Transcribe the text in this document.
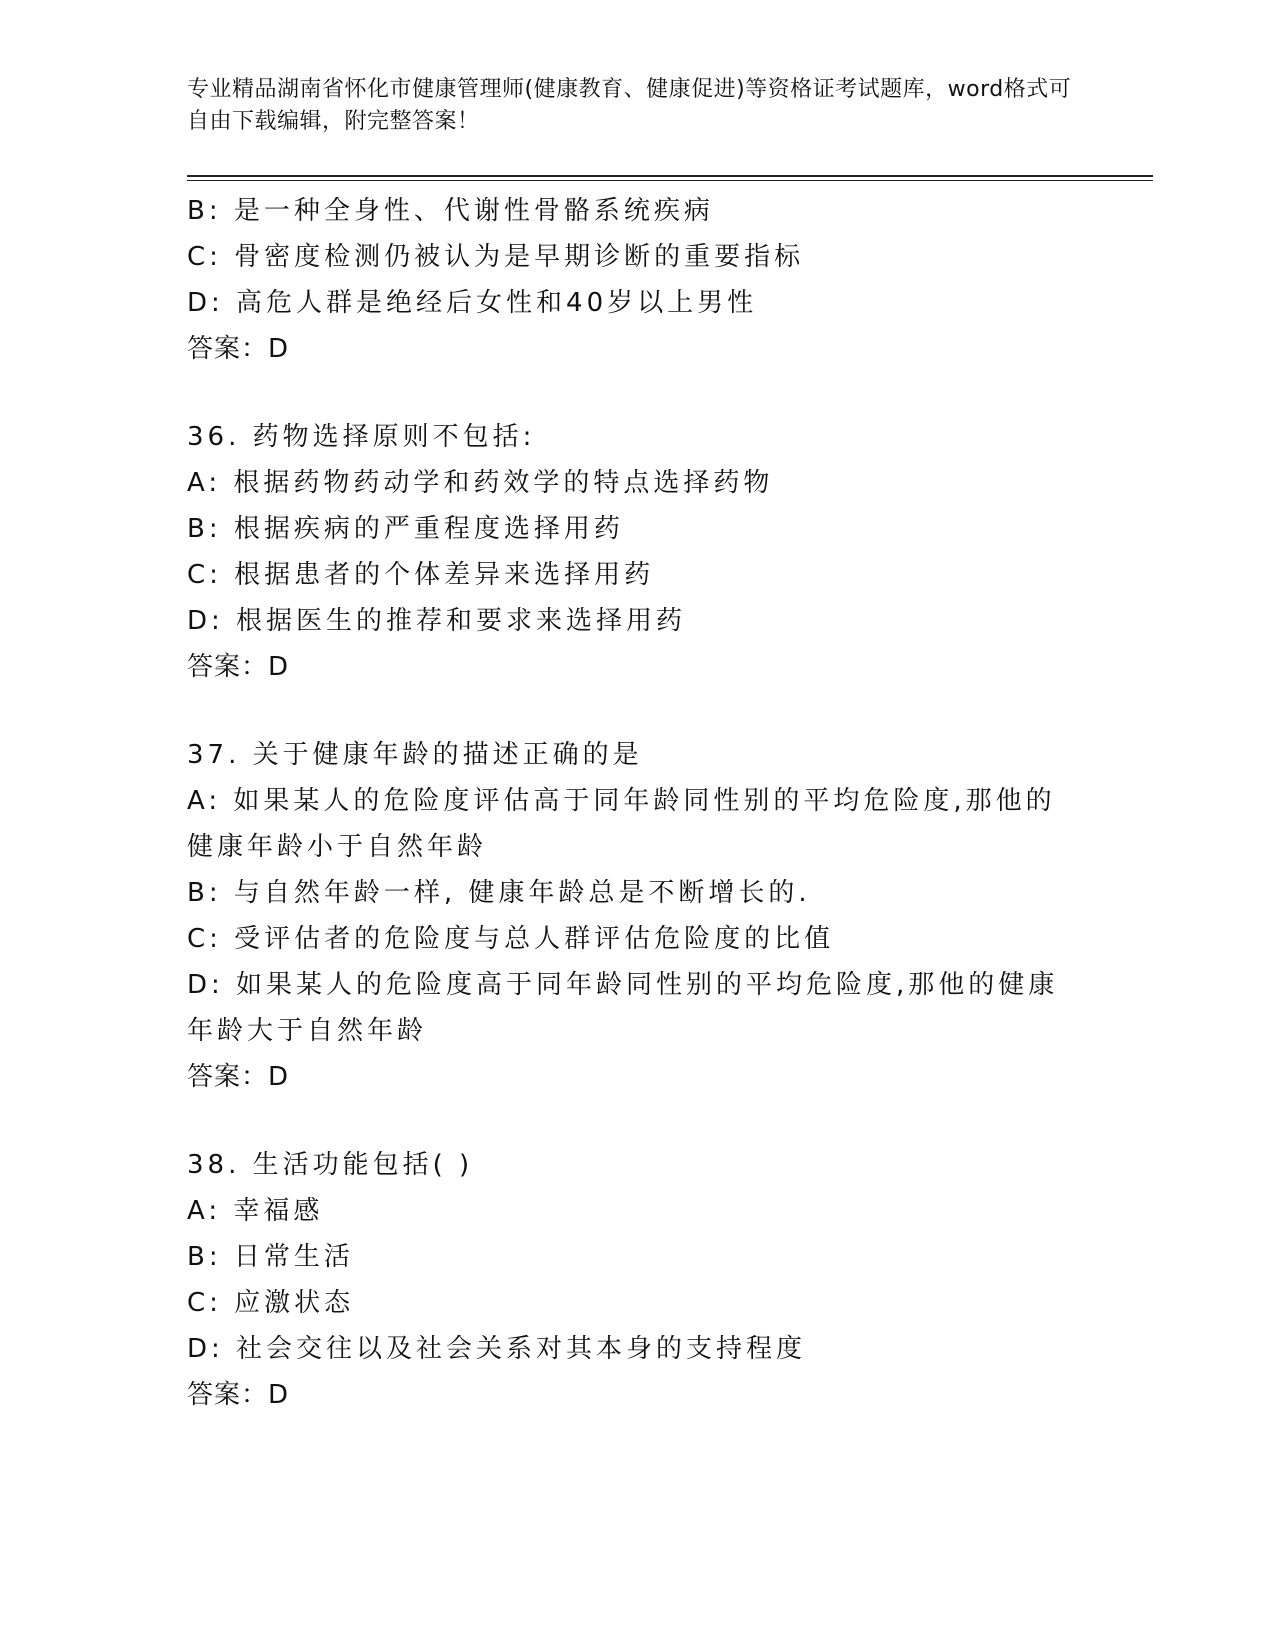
专业精品湖南省怀化市健康管理师(健康教育、健康促进)等资格证考试题库，word格式可自由下载编辑，附完整答案！
B: 是一种全身性、代谢性骨骼系统疾病
C: 骨密度检测仍被认为是早期诊断的重要指标
D: 高危人群是绝经后女性和40岁以上男性
答案：D
36. 药物选择原则不包括:
A: 根据药物药动学和药效学的特点选择药物
B: 根据疾病的严重程度选择用药
C: 根据患者的个体差异来选择用药
D: 根据医生的推荐和要求来选择用药
答案：D
37. 关于健康年龄的描述正确的是
A: 如果某人的危险度评估高于同年龄同性别的平均危险度,那他的健康年龄小于自然年龄
B: 与自然年龄一样, 健康年龄总是不断增长的.
C: 受评估者的危险度与总人群评估危险度的比值
D: 如果某人的危险度高于同年龄同性别的平均危险度,那他的健康年龄大于自然年龄
答案：D
38. 生活功能包括( )
A: 幸福感
B: 日常生活
C: 应激状态
D: 社会交往以及社会关系对其本身的支持程度
答案：D
